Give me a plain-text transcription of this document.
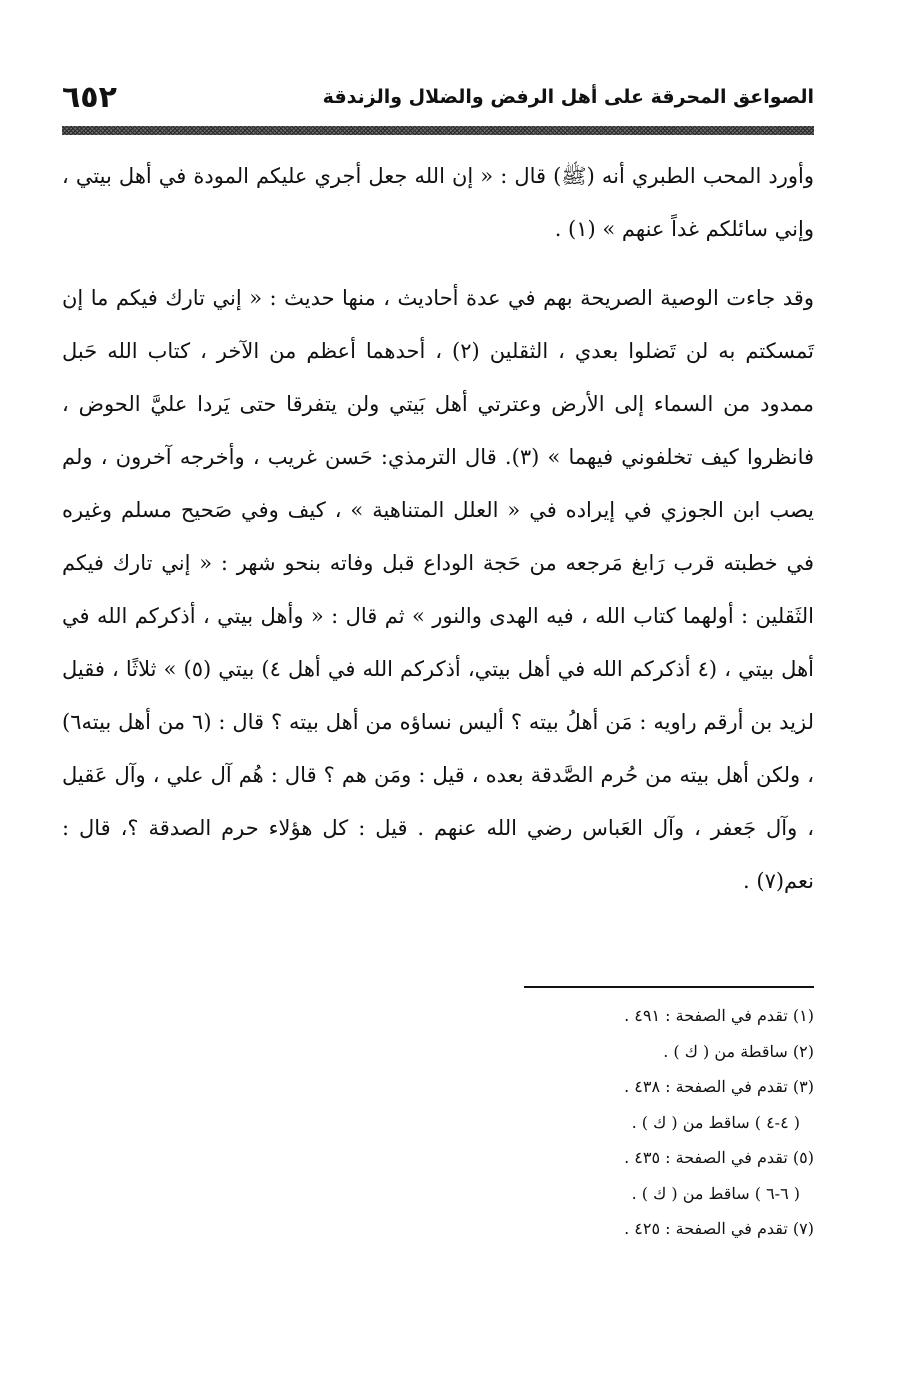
٦٥٢	الصواعق المحرقة على أهل الرفض والضلال والزندقة

وأورد المحب الطبري أنه (ﷺ) قال : « إن الله جعل أجري عليكم المودة في أهل بيتي ، وإني سائلكم غداً عنهم » (١) .

وقد جاءت الوصية الصريحة بهم في عدة أحاديث ، منها حديث : « إني تارك فيكم ما إن تَمسكتم به لن تَضلوا بعدي ، الثقلين (٢) ، أحدهما أعظم من الآخر ، كتاب الله حَبل ممدود من السماء إلى الأرض وعترتي أهل بَيتي ولن يتفرقا حتى يَردا عليَّ الحوض ، فانظروا كيف تخلفوني فيهما » (٣). قال الترمذي: حَسن غريب ، وأخرجه آخرون ، ولم يصب ابن الجوزي في إيراده في « العلل المتناهية » ، كيف وفي صَحيح مسلم وغيره في خطبته قرب رَابغ مَرجعه من حَجة الوداع قبل وفاته بنحو شهر : « إني تارك فيكم الثَقلين : أولهما كتاب الله ، فيه الهدى والنور » ثم قال : « وأهل بيتي ، أذكركم الله في أهل بيتي ، (٤ أذكركم الله في أهل بيتي، أذكركم الله في أهل ٤) بيتي (٥) » ثلاثًا ، فقيل لزيد بن أرقم راويه : مَن أهلُ بيته ؟ أليس نساؤه من أهل بيته ؟ قال : (٦ من أهل بيته٦) ، ولكن أهل بيته من حُرم الصَّدقة بعده ، قيل : ومَن هم ؟ قال : هُم آل علي ، وآل عَقيل ، وآل جَعفر ، وآل العَباس رضي الله عنهم . قيل : كل هؤلاء حرم الصدقة ؟، قال : نعم(٧) .

(١) تقدم في الصفحة : ٤٩١ .
(٢) ساقطة من ( ك ) .
(٣) تقدم في الصفحة : ٤٣٨ .
( ٤-٤ ) ساقط من ( ك ) .
(٥) تقدم في الصفحة : ٤٣٥ .
( ٦-٦ ) ساقط من ( ك ) .
(٧) تقدم في الصفحة : ٤٢٥ .
